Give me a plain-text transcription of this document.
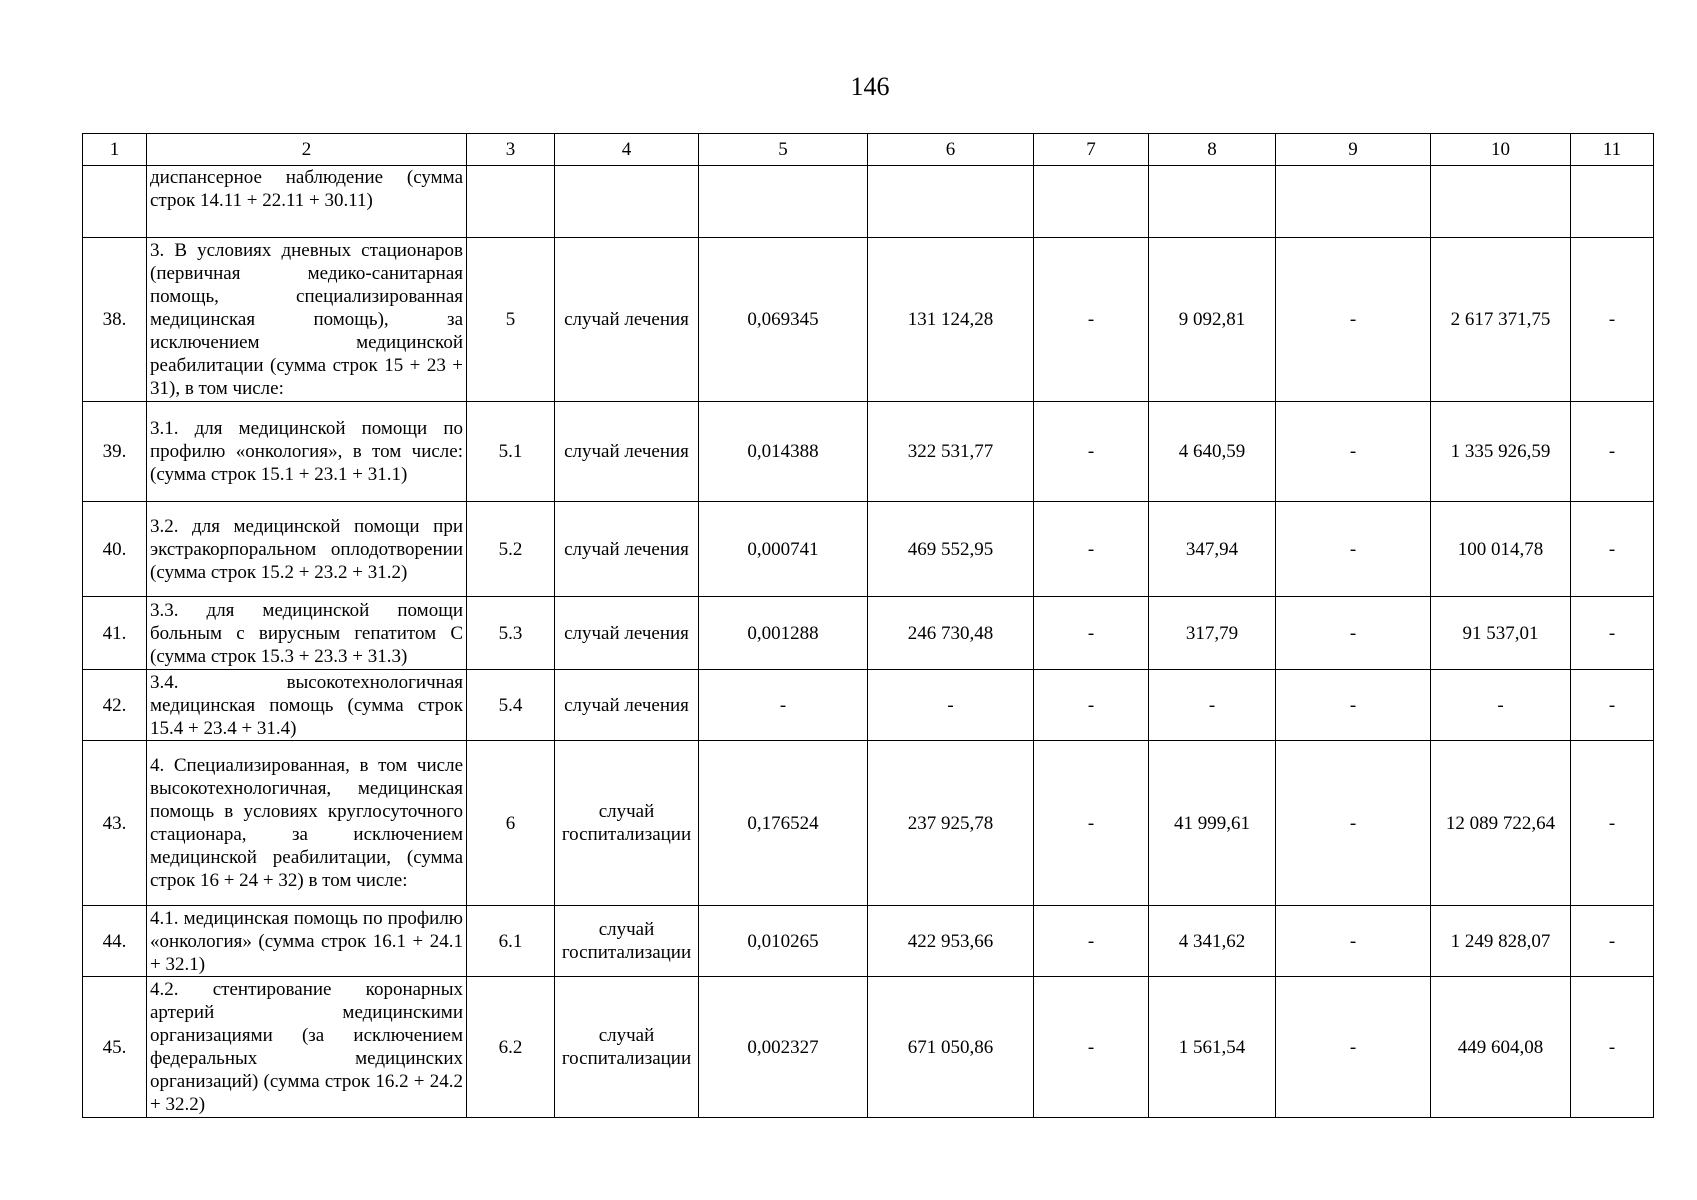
146
1	2	3	4	5	6	7	8	9	10	11
	диспансерное наблюдение (сумма строк 14.11 + 22.11 + 30.11)									
38.	3. В условиях дневных стационаров (первичная медико-санитарная помощь, специализированная медицинская помощь), за исключением медицинской реабилитации (сумма строк 15 + 23 + 31), в том числе:	5	случай лечения	0,069345	131 124,28	-	9 092,81	-	2 617 371,75	-
39.	3.1. для медицинской помощи по профилю «онкология», в том числе: (сумма строк 15.1 + 23.1 + 31.1)	5.1	случай лечения	0,014388	322 531,77	-	4 640,59	-	1 335 926,59	-
40.	3.2. для медицинской помощи при экстракорпоральном оплодотворении (сумма строк 15.2 + 23.2 + 31.2)	5.2	случай лечения	0,000741	469 552,95	-	347,94	-	100 014,78	-
41.	3.3. для медицинской помощи больным с вирусным гепатитом С (сумма строк 15.3 + 23.3 + 31.3)	5.3	случай лечения	0,001288	246 730,48	-	317,79	-	91 537,01	-
42.	3.4. высокотехнологичная медицинская помощь (сумма строк 15.4 + 23.4 + 31.4)	5.4	случай лечения	-	-	-	-	-	-	-
43.	4. Специализированная, в том числе высокотехнологичная, медицинская помощь в условиях круглосуточного стационара, за исключением медицинской реабилитации, (сумма строк 16 + 24 + 32) в том числе:	6	случай госпитализации	0,176524	237 925,78	-	41 999,61	-	12 089 722,64	-
44.	4.1. медицинская помощь по профилю «онкология» (сумма строк 16.1 + 24.1 + 32.1)	6.1	случай госпитализации	0,010265	422 953,66	-	4 341,62	-	1 249 828,07	-
45.	4.2. стентирование коронарных артерий медицинскими организациями (за исключением федеральных медицинских организаций) (сумма строк 16.2 + 24.2 + 32.2)	6.2	случай госпитализации	0,002327	671 050,86	-	1 561,54	-	449 604,08	-
